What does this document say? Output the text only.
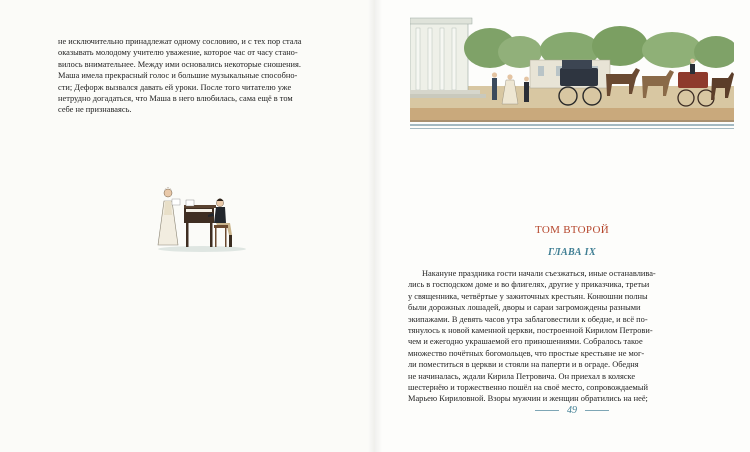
не исключительно принадлежат одному сословию, и с тех пор стала
оказывать молодому учителю уважение, которое час от часу стано-
вилось внимательнее. Между ими основались некоторые сношения.
Маша имела прекрасный голос и большие музыкальные способно-
сти; Дефорж вызвался давать ей уроки. После того читателю уже
нетрудно догадаться, что Маша в него влюбилась, сама ещё в том
себе не признаваясь.
ТОМ ВТОРОЙ
ГЛАВА IX
Накануне праздника гости начали съезжаться, иные останавлива-
лись в господском доме и во флигелях, другие у приказчика, третьи
у священника, четвёртые у зажиточных крестьян. Конюшни полны
были дорожных лошадей, дворы и сараи загромождены разными
экипажами. В девять часов утра заблаговестили к обедне, и всё по-
тянулось к новой каменной церкви, построенной Кирилом Петрови-
чем и ежегодно украшаемой его приношениями. Собралось такое
множество почётных богомольцев, что простые крестьяне не мог-
ли поместиться в церкви и стояли на паперти и в ограде. Обедня
не начиналась, ждали Кирила Петровича. Он приехал в коляске
шестернёю и торжественно пошёл на своё место, сопровождаемый
Марьею Кириловной. Взоры мужчин и женщин обратились на неё;
49
